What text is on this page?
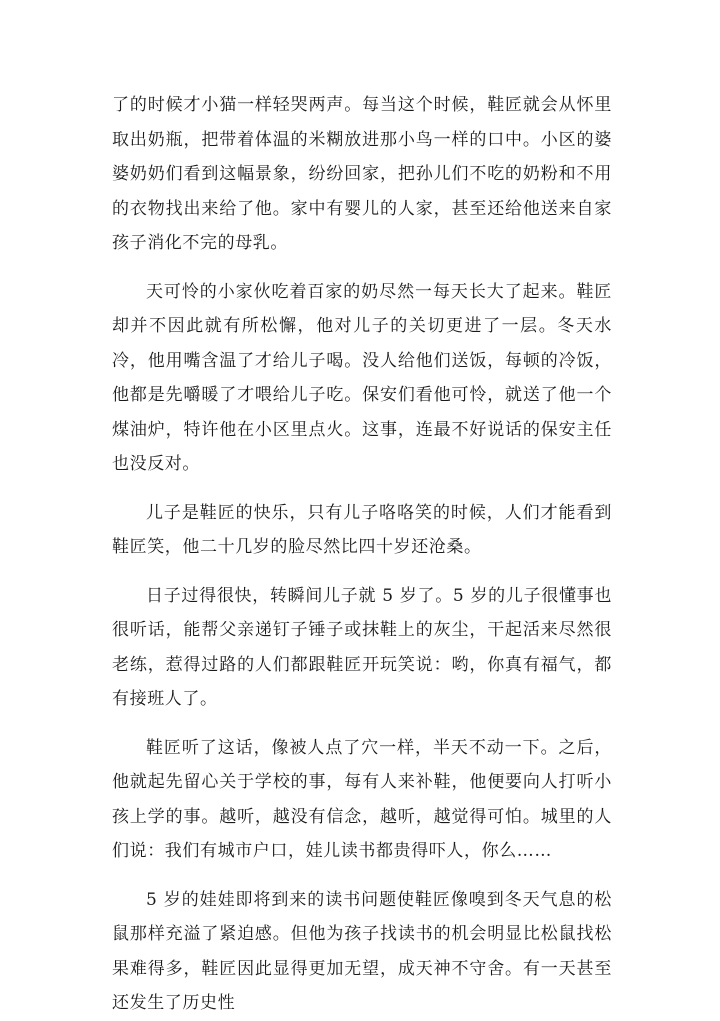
了的时候才小猫一样轻哭两声。每当这个时候，鞋匠就会从怀里取出奶瓶，把带着体温的米糊放进那小鸟一样的口中。小区的婆婆奶奶们看到这幅景象，纷纷回家，把孙儿们不吃的奶粉和不用的衣物找出来给了他。家中有婴儿的人家，甚至还给他送来自家孩子消化不完的母乳。

天可怜的小家伙吃着百家的奶尽然一每天长大了起来。鞋匠却并不因此就有所松懈，他对儿子的关切更进了一层。冬天水冷，他用嘴含温了才给儿子喝。没人给他们送饭，每顿的冷饭，他都是先嚼暖了才喂给儿子吃。保安们看他可怜，就送了他一个煤油炉，特许他在小区里点火。这事，连最不好说话的保安主任也没反对。

儿子是鞋匠的快乐，只有儿子咯咯笑的时候，人们才能看到鞋匠笑，他二十几岁的脸尽然比四十岁还沧桑。

日子过得很快，转瞬间儿子就 5 岁了。5 岁的儿子很懂事也很听话，能帮父亲递钉子锤子或抹鞋上的灰尘，干起活来尽然很老练，惹得过路的人们都跟鞋匠开玩笑说：哟，你真有福气，都有接班人了。

鞋匠听了这话，像被人点了穴一样，半天不动一下。之后，他就起先留心关于学校的事，每有人来补鞋，他便要向人打听小孩上学的事。越听，越没有信念，越听，越觉得可怕。城里的人们说：我们有城市户口，娃儿读书都贵得吓人，你么……

5 岁的娃娃即将到来的读书问题使鞋匠像嗅到冬天气息的松鼠那样充溢了紧迫感。但他为孩子找读书的机会明显比松鼠找松果难得多，鞋匠因此显得更加无望，成天神不守舍。有一天甚至还发生了历史性
